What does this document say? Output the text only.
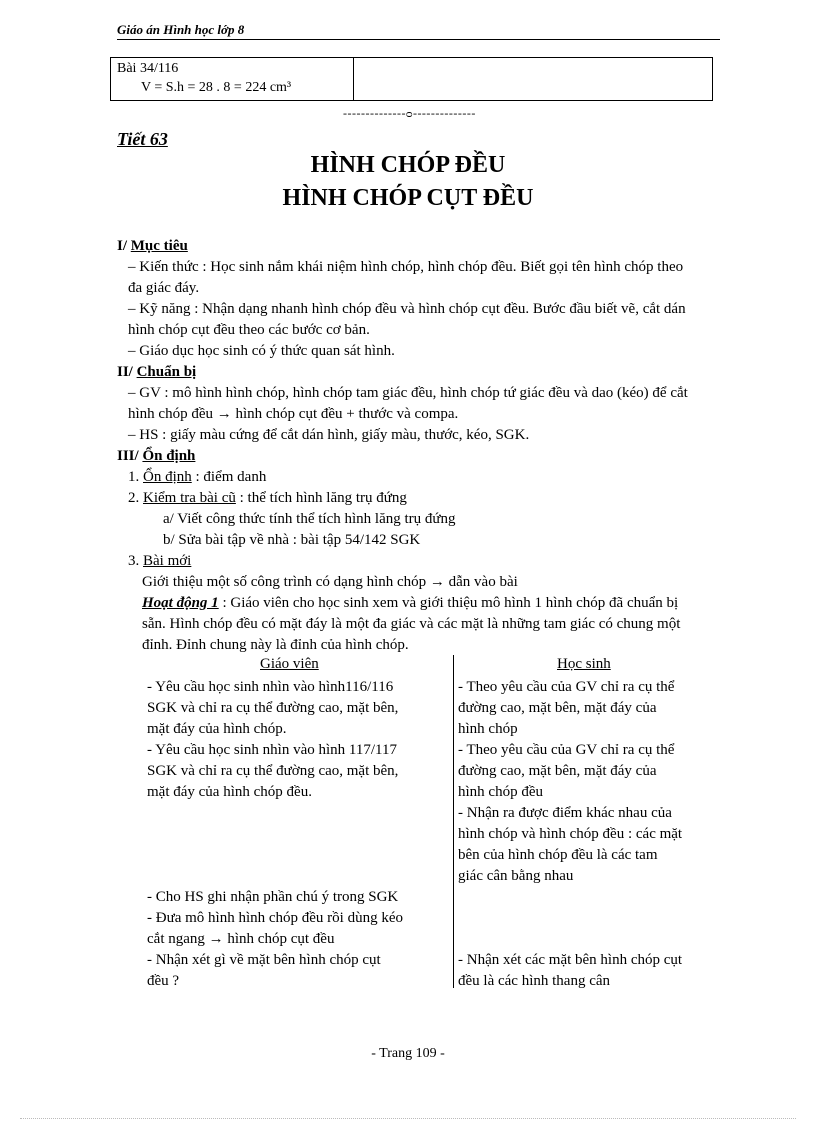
Giáo án Hình học lớp 8
Bài 34/116
V = S.h = 28 . 8 = 224 cm³
--------------ᴑ--------------
Tiết 63
HÌNH CHÓP ĐỀU
HÌNH CHÓP CỤT ĐỀU
I/ Mục tiêu
– Kiến thức : Học sinh nắm khái niệm hình chóp, hình chóp đều. Biết gọi tên hình chóp theo
đa giác đáy.
– Kỹ năng : Nhận dạng nhanh hình chóp đều và hình chóp cụt đều. Bước đầu biết vẽ, cắt dán
hình chóp cụt đều theo các bước cơ bản.
– Giáo dục học sinh có ý thức quan sát hình.
II/ Chuẩn bị
– GV : mô hình hình chóp, hình chóp tam giác đều, hình chóp tứ giác đều và dao (kéo) để cắt
hình chóp đều → hình chóp cụt đều + thước và compa.
– HS : giấy màu cứng để cắt dán hình, giấy màu, thước, kéo, SGK.
III/ Ổn định
1. Ổn định : điểm danh
2. Kiểm tra bài cũ : thể tích hình lăng trụ đứng
a/ Viết công thức tính thể tích hình lăng trụ đứng
b/ Sửa bài tập về nhà : bài tập 54/142 SGK
3. Bài mới
Giới thiệu một số công trình có dạng hình chóp → dẫn vào bài
Hoạt động 1 : Giáo viên cho học sinh xem và giới thiệu mô hình 1 hình chóp đã chuẩn bị
sẵn. Hình chóp đều có mặt đáy là một đa giác và các mặt là những tam giác có chung một
đỉnh. Đỉnh chung này là đỉnh của hình chóp.
Giáo viên	Học sinh
- Yêu cầu học sinh nhìn vào hình116/116
SGK và chỉ ra cụ thể đường cao, mặt bên,
mặt đáy của hình chóp.
- Yêu cầu học sinh nhìn vào hình 117/117
SGK và chỉ ra cụ thể đường cao, mặt bên,
mặt đáy của hình chóp đều.
- Cho HS ghi nhận phần chú ý trong SGK
- Đưa mô hình hình chóp đều rồi dùng kéo
cắt ngang → hình chóp cụt đều
- Nhận xét gì về mặt bên hình chóp cụt
đều ?
- Theo yêu cầu của GV chỉ ra cụ thể
đường cao, mặt bên, mặt đáy của
hình chóp
- Theo yêu cầu của GV chỉ ra cụ thể
đường cao, mặt bên, mặt đáy của
hình chóp đều
- Nhận ra được điểm khác nhau của
hình chóp và hình chóp đều : các mặt
bên của hình chóp đều là các tam
giác cân bằng nhau
- Nhận xét các mặt bên hình chóp cụt
đều là các hình thang cân
- Trang 109 -
